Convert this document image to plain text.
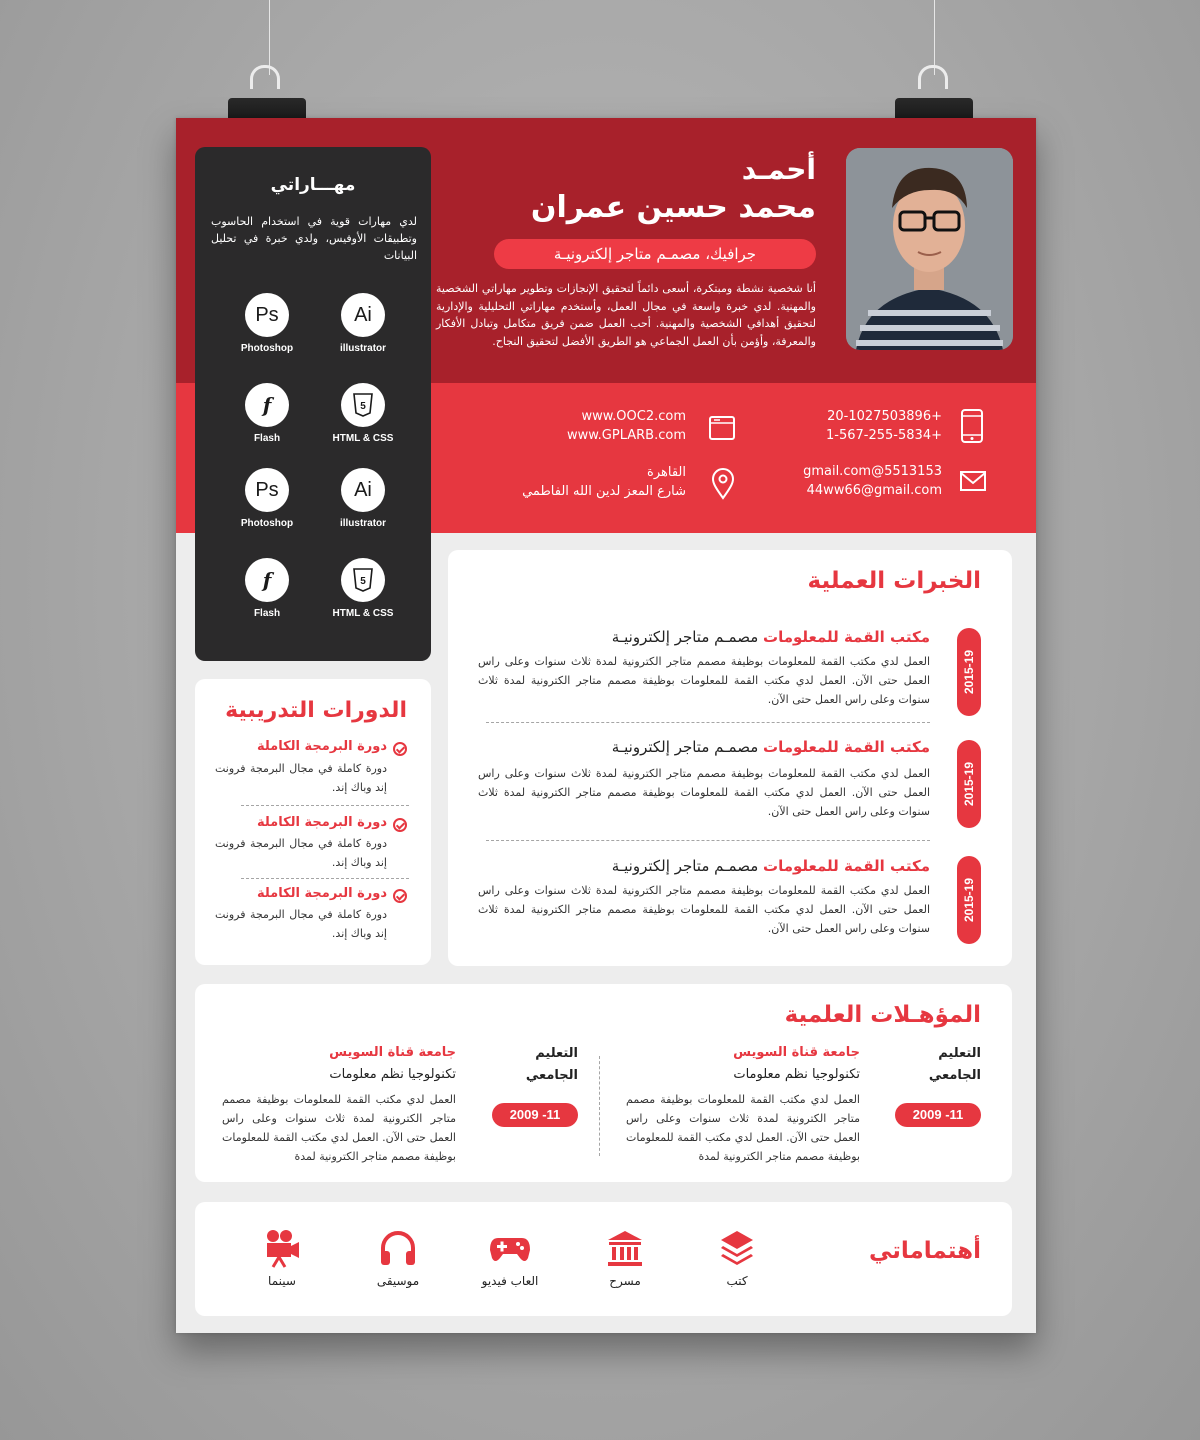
أحمـد
محمد حسين عمران
جرافيك، مصمـم متاجر إلكترونيـة
أنا شخصية نشطة ومبتكرة، أسعى دائماً لتحقيق الإنجازات وتطوير مهاراتي الشخصية والمهنية. لدي خبرة واسعة في مجال العمل، وأستخدم مهاراتي التحليلية والإدارية لتحقيق أهدافي الشخصية والمهنية. أحب العمل ضمن فريق متكامل وتبادل الأفكار والمعرفة، وأؤمن بأن العمل الجماعي هو الطريق الأفضل لتحقيق النجاح.
+20-1027503896
+1-567-255-5834
www.OOC2.com
www.GPLARB.com
5513153@gmail.com
44ww66@gmail.com
القاهرة
شارع المعز لدين الله الفاطمي
مهـــاراتي
لدي مهارات قوية في استخدام الحاسوب وتطبيقات الأوفيس، ولدي خبرة في تحليل البيانات
Ps
Photoshop
Ai
illustrator
f
Flash
5
HTML & CSS
Ps
Photoshop
Ai
illustrator
f
Flash
5
HTML & CSS
الدورات التدريبية
دورة البرمجة الكاملة
دورة كاملة في مجال البرمجة فرونت إند وباك إند.
دورة البرمجة الكاملة
دورة كاملة في مجال البرمجة فرونت إند وباك إند.
دورة البرمجة الكاملة
دورة كاملة في مجال البرمجة فرونت إند وباك إند.
الخبرات العملية
2015-19
مكتب القمة للمعلومات مصمـم متاجر إلكترونيـة
العمل لدي مكتب القمة للمعلومات بوظيفة مصمم متاجر الكترونية لمدة ثلاث سنوات وعلى راس العمل حتى الآن. العمل لدي مكتب القمة للمعلومات بوظيفة مصمم متاجر الكترونية لمدة ثلاث سنوات وعلى راس العمل حتى الآن.
2015-19
مكتب القمة للمعلومات مصمـم متاجر إلكترونيـة
العمل لدي مكتب القمة للمعلومات بوظيفة مصمم متاجر الكترونية لمدة ثلاث سنوات وعلى راس العمل حتى الآن. العمل لدي مكتب القمة للمعلومات بوظيفة مصمم متاجر الكترونية لمدة ثلاث سنوات وعلى راس العمل حتى الآن.
2015-19
مكتب القمة للمعلومات مصمـم متاجر إلكترونيـة
العمل لدي مكتب القمة للمعلومات بوظيفة مصمم متاجر الكترونية لمدة ثلاث سنوات وعلى راس العمل حتى الآن. العمل لدي مكتب القمة للمعلومات بوظيفة مصمم متاجر الكترونية لمدة ثلاث سنوات وعلى راس العمل حتى الآن.
المؤهـلات العلمية
التعليم
الجامعي
2009 -11
جامعة قناة السويس
تكنولوجيا نظم معلومات
العمل لدي مكتب القمة للمعلومات بوظيفة مصمم متاجر الكترونية لمدة ثلاث سنوات وعلى راس العمل حتى الآن. العمل لدي مكتب القمة للمعلومات بوظيفة مصمم متاجر الكترونية لمدة
التعليم
الجامعي
2009 -11
جامعة قناة السويس
تكنولوجيا نظم معلومات
العمل لدي مكتب القمة للمعلومات بوظيفة مصمم متاجر الكترونية لمدة ثلاث سنوات وعلى راس العمل حتى الآن. العمل لدي مكتب القمة للمعلومات بوظيفة مصمم متاجر الكترونية لمدة
أهتماماتي
كتب
مسرح
العاب فيديو
موسيقى
سينما
